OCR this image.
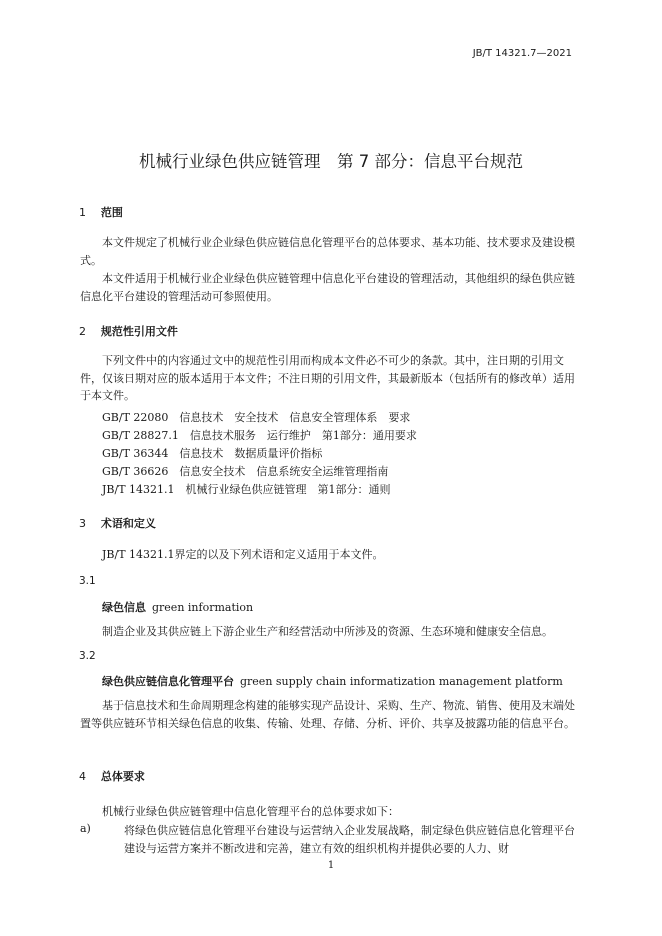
JB/T 14321.7—2021
机械行业绿色供应链管理　第 7 部分：信息平台规范
1 范围

本文件规定了机械行业企业绿色供应链信息化管理平台的总体要求、基本功能、技术要求及建设模式。

本文件适用于机械行业企业绿色供应链管理中信息化平台建设的管理活动，其他组织的绿色供应链信息化平台建设的管理活动可参照使用。

2 规范性引用文件

下列文件中的内容通过文中的规范性引用而构成本文件必不可少的条款。其中，注日期的引用文件，仅该日期对应的版本适用于本文件；不注日期的引用文件，其最新版本（包括所有的修改单）适用于本文件。

GB/T 22080　信息技术　安全技术　信息安全管理体系　要求
GB/T 28827.1　信息技术服务　运行维护　第1部分：通用要求
GB/T 36344　信息技术　数据质量评价指标
GB/T 36626　信息安全技术　信息系统安全运维管理指南
JB/T 14321.1　机械行业绿色供应链管理　第1部分：通则
3 术语和定义

JB/T 14321.1界定的以及下列术语和定义适用于本文件。

3.1
绿色信息 green information

制造企业及其供应链上下游企业生产和经营活动中所涉及的资源、生态环境和健康安全信息。

3.2
绿色供应链信息化管理平台 green supply chain informatization management platform

基于信息技术和生命周期理念构建的能够实现产品设计、采购、生产、物流、销售、使用及末端处置等供应链环节相关绿色信息的收集、传输、处理、存储、分析、评价、共享及披露功能的信息平台。

4 总体要求

机械行业绿色供应链管理中信息化管理平台的总体要求如下：

a)	将绿色供应链信息化管理平台建设与运营纳入企业发展战略，制定绿色供应链信息化管理平台建设与运营方案并不断改进和完善，建立有效的组织机构并提供必要的人力、财

1
